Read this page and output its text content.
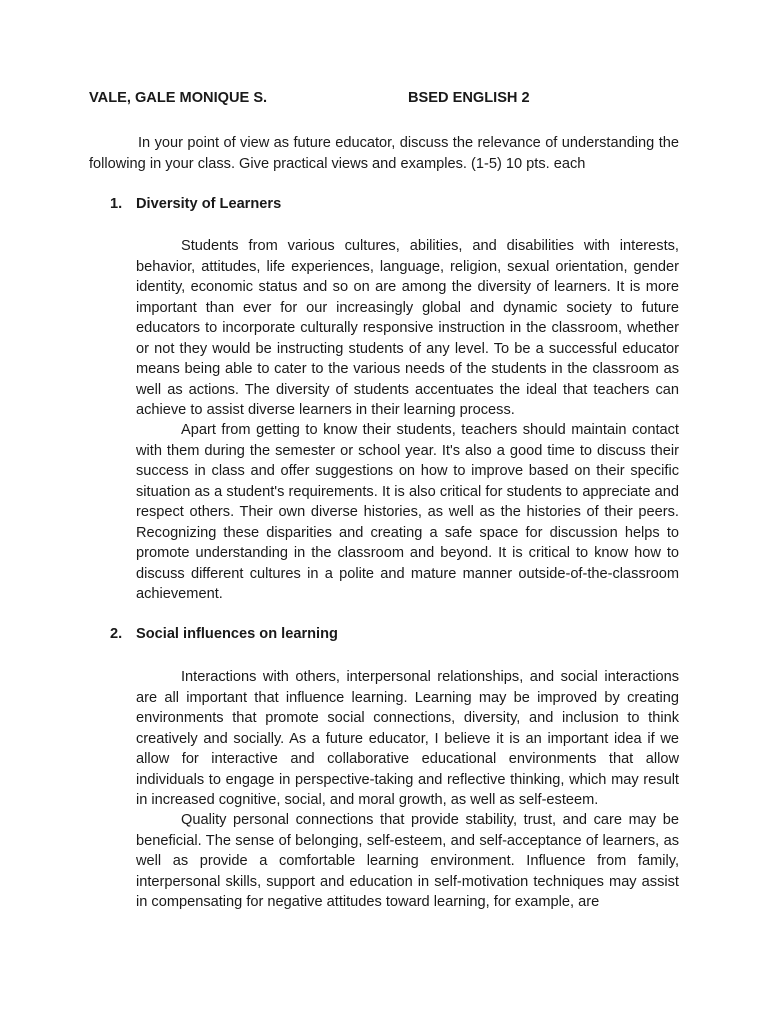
VALE, GALE MONIQUE S.	BSED ENGLISH 2

In your point of view as future educator, discuss the relevance of understanding the following in your class. Give practical views and examples. (1-5) 10 pts. each

1. Diversity of Learners

Students from various cultures, abilities, and disabilities with interests, behavior, attitudes, life experiences, language, religion, sexual orientation, gender identity, economic status and so on are among the diversity of learners. It is more important than ever for our increasingly global and dynamic society to future educators to incorporate culturally responsive instruction in the classroom, whether or not they would be instructing students of any level. To be a successful educator means being able to cater to the various needs of the students in the classroom as well as actions. The diversity of students accentuates the ideal that teachers can achieve to assist diverse learners in their learning process.

Apart from getting to know their students, teachers should maintain contact with them during the semester or school year. It's also a good time to discuss their success in class and offer suggestions on how to improve based on their specific situation as a student's requirements. It is also critical for students to appreciate and respect others. Their own diverse histories, as well as the histories of their peers. Recognizing these disparities and creating a safe space for discussion helps to promote understanding in the classroom and beyond. It is critical to know how to discuss different cultures in a polite and mature manner outside-of-the-classroom achievement.

2. Social influences on learning

Interactions with others, interpersonal relationships, and social interactions are all important that influence learning. Learning may be improved by creating environments that promote social connections, diversity, and inclusion to think creatively and socially. As a future educator, I believe it is an important idea if we allow for interactive and collaborative educational environments that allow individuals to engage in perspective-taking and reflective thinking, which may result in increased cognitive, social, and moral growth, as well as self-esteem.

Quality personal connections that provide stability, trust, and care may be beneficial. The sense of belonging, self-esteem, and self-acceptance of learners, as well as provide a comfortable learning environment. Influence from family, interpersonal skills, support and education in self-motivation techniques may assist in compensating for negative attitudes toward learning, for example, are
